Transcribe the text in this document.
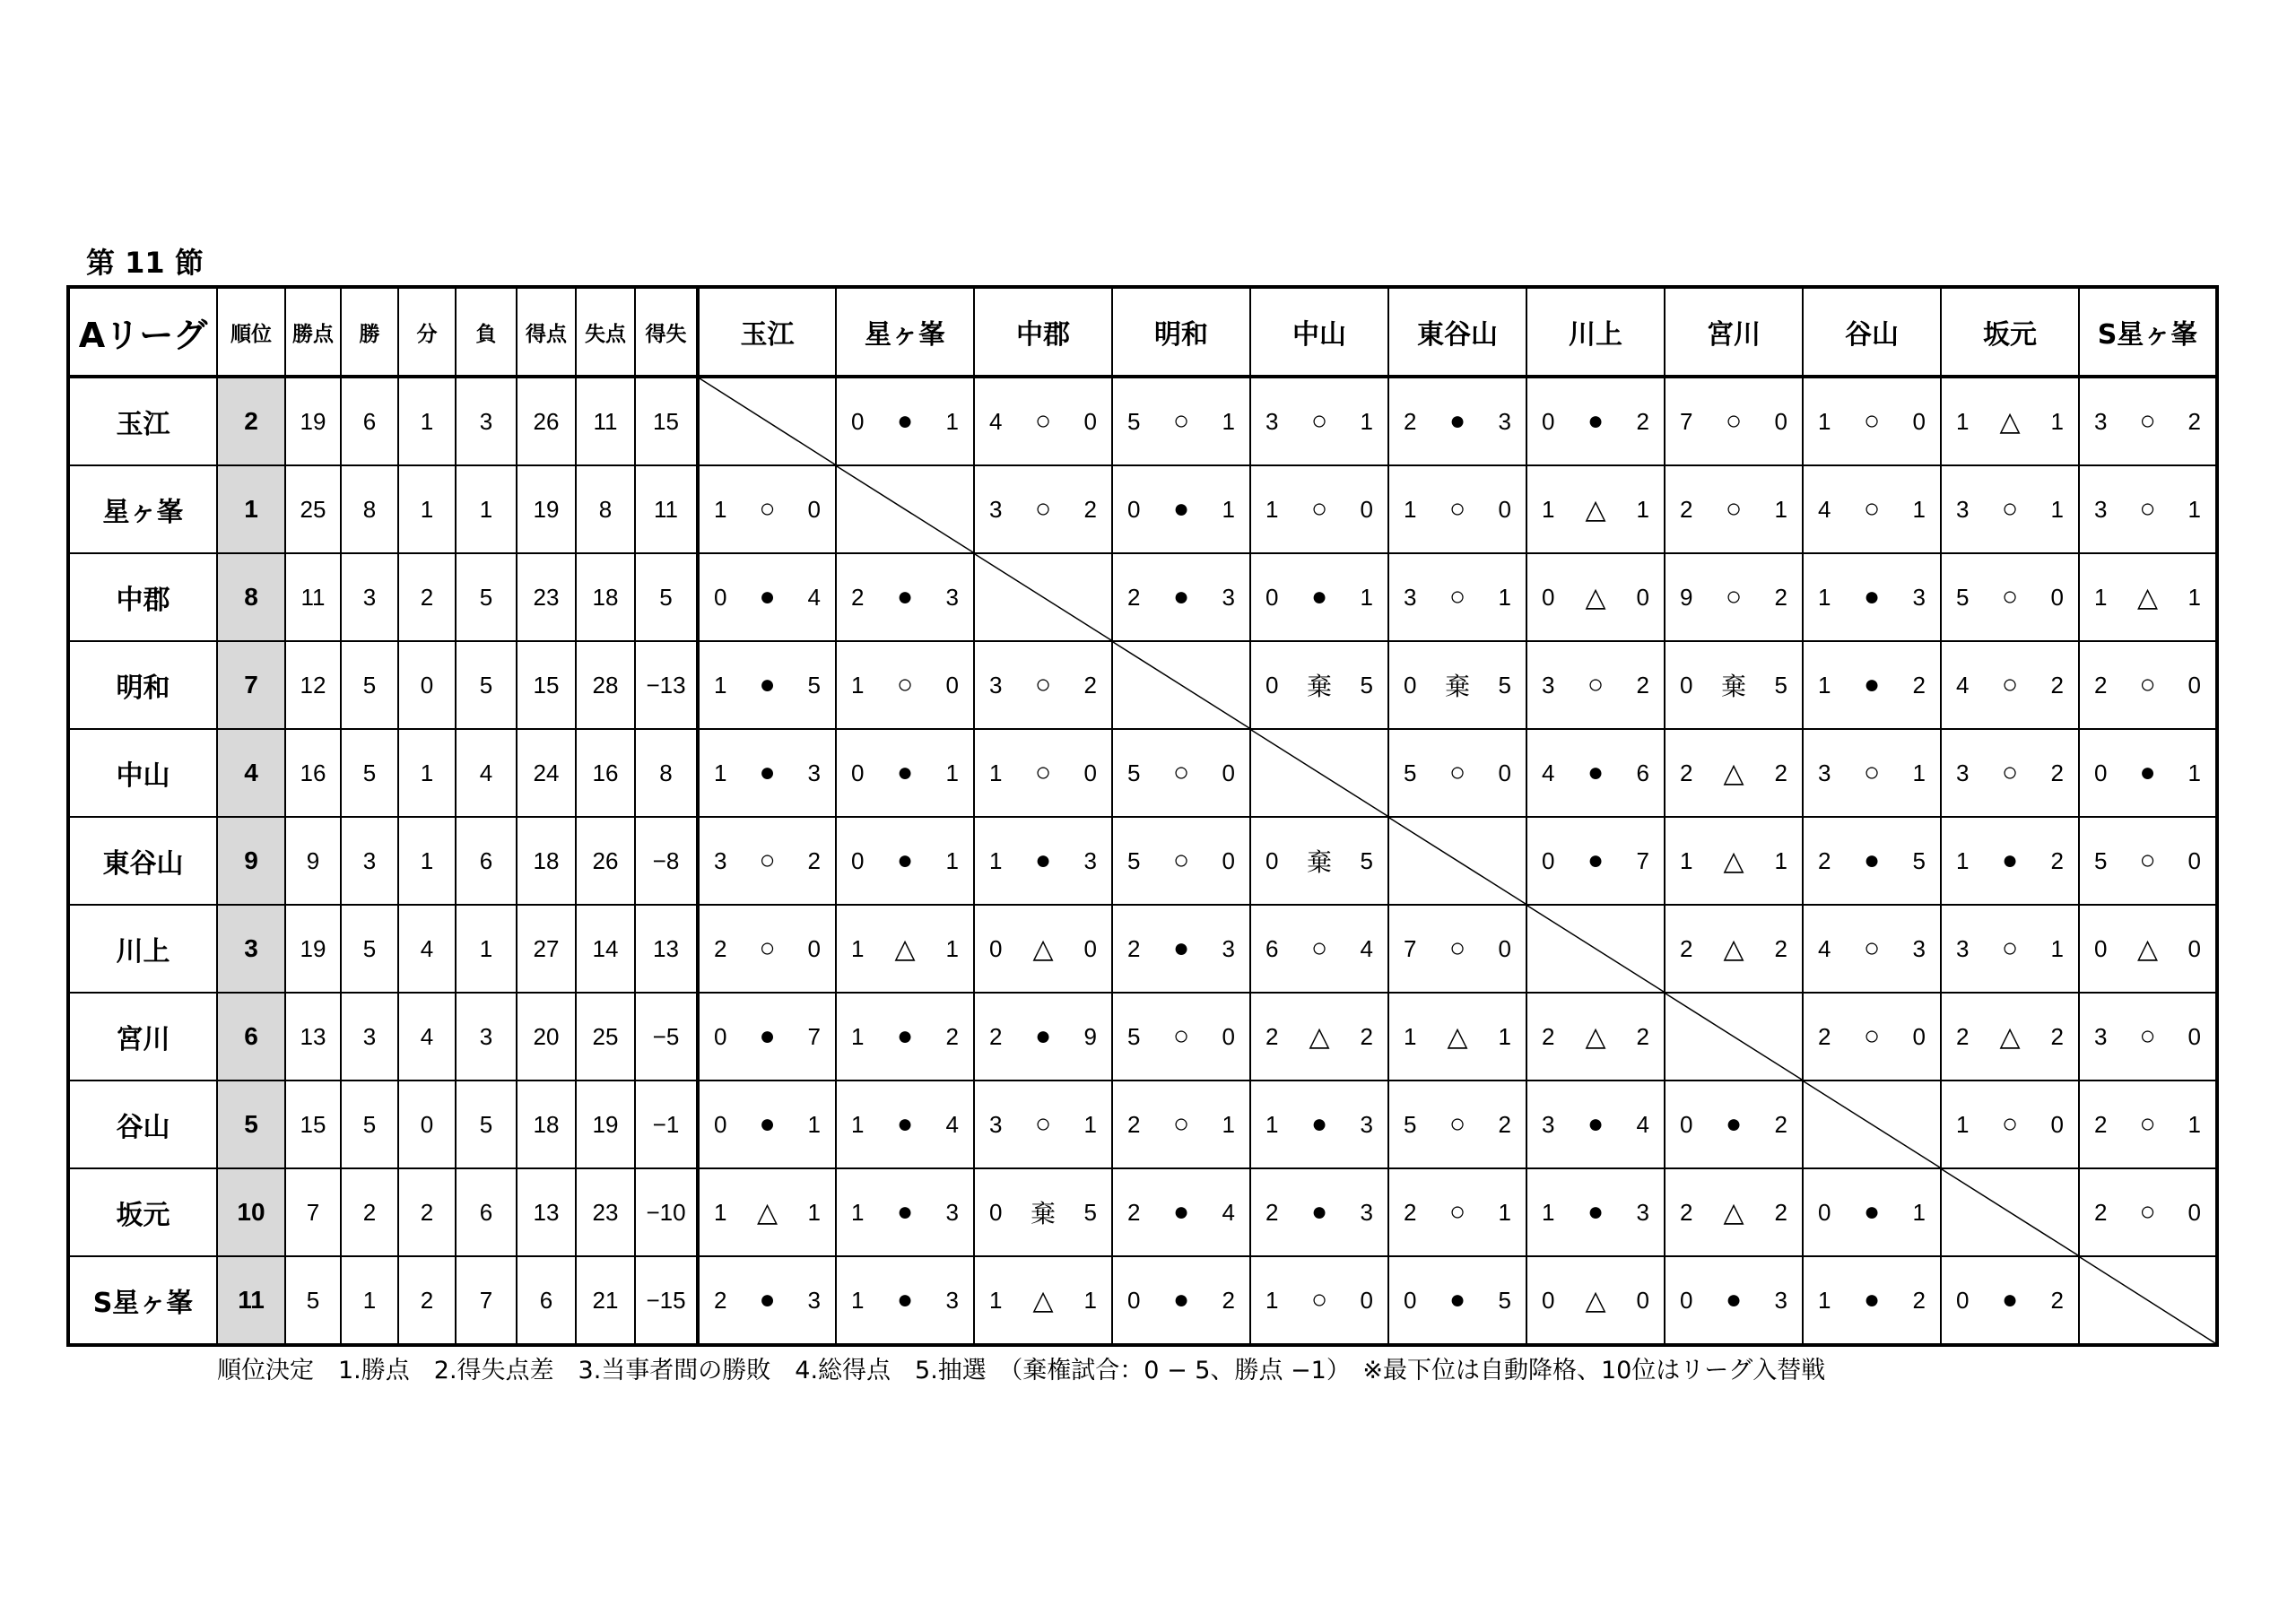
第 11 節
Aリーグ	順位	勝点	勝	分	負	得点	失点	得失	玉江	星ヶ峯	中郡	明和	中山	東谷山	川上	宮川	谷山	坂元	S星ヶ峯
玉江	2	19	6	1	3	26	11	15		0 ● 1	4 ○ 0	5 ○ 1	3 ○ 1	2 ● 3	0 ● 2	7 ○ 0	1 ○ 0	1 △ 1	3 ○ 2

星ヶ峯	1	25	8	1	1	19	8	11	1 ○ 0		3 ○ 2	0 ● 1	1 ○ 0	1 ○ 0	1 △ 1	2 ○ 1	4 ○ 1	3 ○ 1	3 ○ 1

中郡	8	11	3	2	5	23	18	5	0 ● 4	2 ● 3		2 ● 3	0 ● 1	3 ○ 1	0 △ 0	9 ○ 2	1 ● 3	5 ○ 0	1 △ 1

明和	7	12	5	0	5	15	28	−13	1 ● 5	1 ○ 0	3 ○ 2		0 棄 5	0 棄 5	3 ○ 2	0 棄 5	1 ● 2	4 ○ 2	2 ○ 0

中山	4	16	5	1	4	24	16	8	1 ● 3	0 ● 1	1 ○ 0	5 ○ 0		5 ○ 0	4 ● 6	2 △ 2	3 ○ 1	3 ○ 2	0 ● 1

東谷山	9	9	3	1	6	18	26	−8	3 ○ 2	0 ● 1	1 ● 3	5 ○ 0	0 棄 5		0 ● 7	1 △ 1	2 ● 5	1 ● 2	5 ○ 0

川上	3	19	5	4	1	27	14	13	2 ○ 0	1 △ 1	0 △ 0	2 ● 3	6 ○ 4	7 ○ 0		2 △ 2	4 ○ 3	3 ○ 1	0 △ 0

宮川	6	13	3	4	3	20	25	−5	0 ● 7	1 ● 2	2 ● 9	5 ○ 0	2 △ 2	1 △ 1	2 △ 2		2 ○ 0	2 △ 2	3 ○ 0

谷山	5	15	5	0	5	18	19	−1	0 ● 1	1 ● 4	3 ○ 1	2 ○ 1	1 ● 3	5 ○ 2	3 ● 4	0 ● 2		1 ○ 0	2 ○ 1

坂元	10	7	2	2	6	13	23	−10	1 △ 1	1 ● 3	0 棄 5	2 ● 4	2 ● 3	2 ○ 1	1 ● 3	2 △ 2	0 ● 1		2 ○ 0

S星ヶ峯	11	5	1	2	7	6	21	−15	2 ● 3	1 ● 3	1 △ 1	0 ● 2	1 ○ 0	0 ● 5	0 △ 0	0 ● 3	1 ● 2	0 ● 2

順位決定　1.勝点　2.得失点差　3.当事者間の勝敗　4.総得点　5.抽選　（棄権試合：0 − 5、勝点 −1）　※最下位は自動降格、10位はリーグ入替戦
